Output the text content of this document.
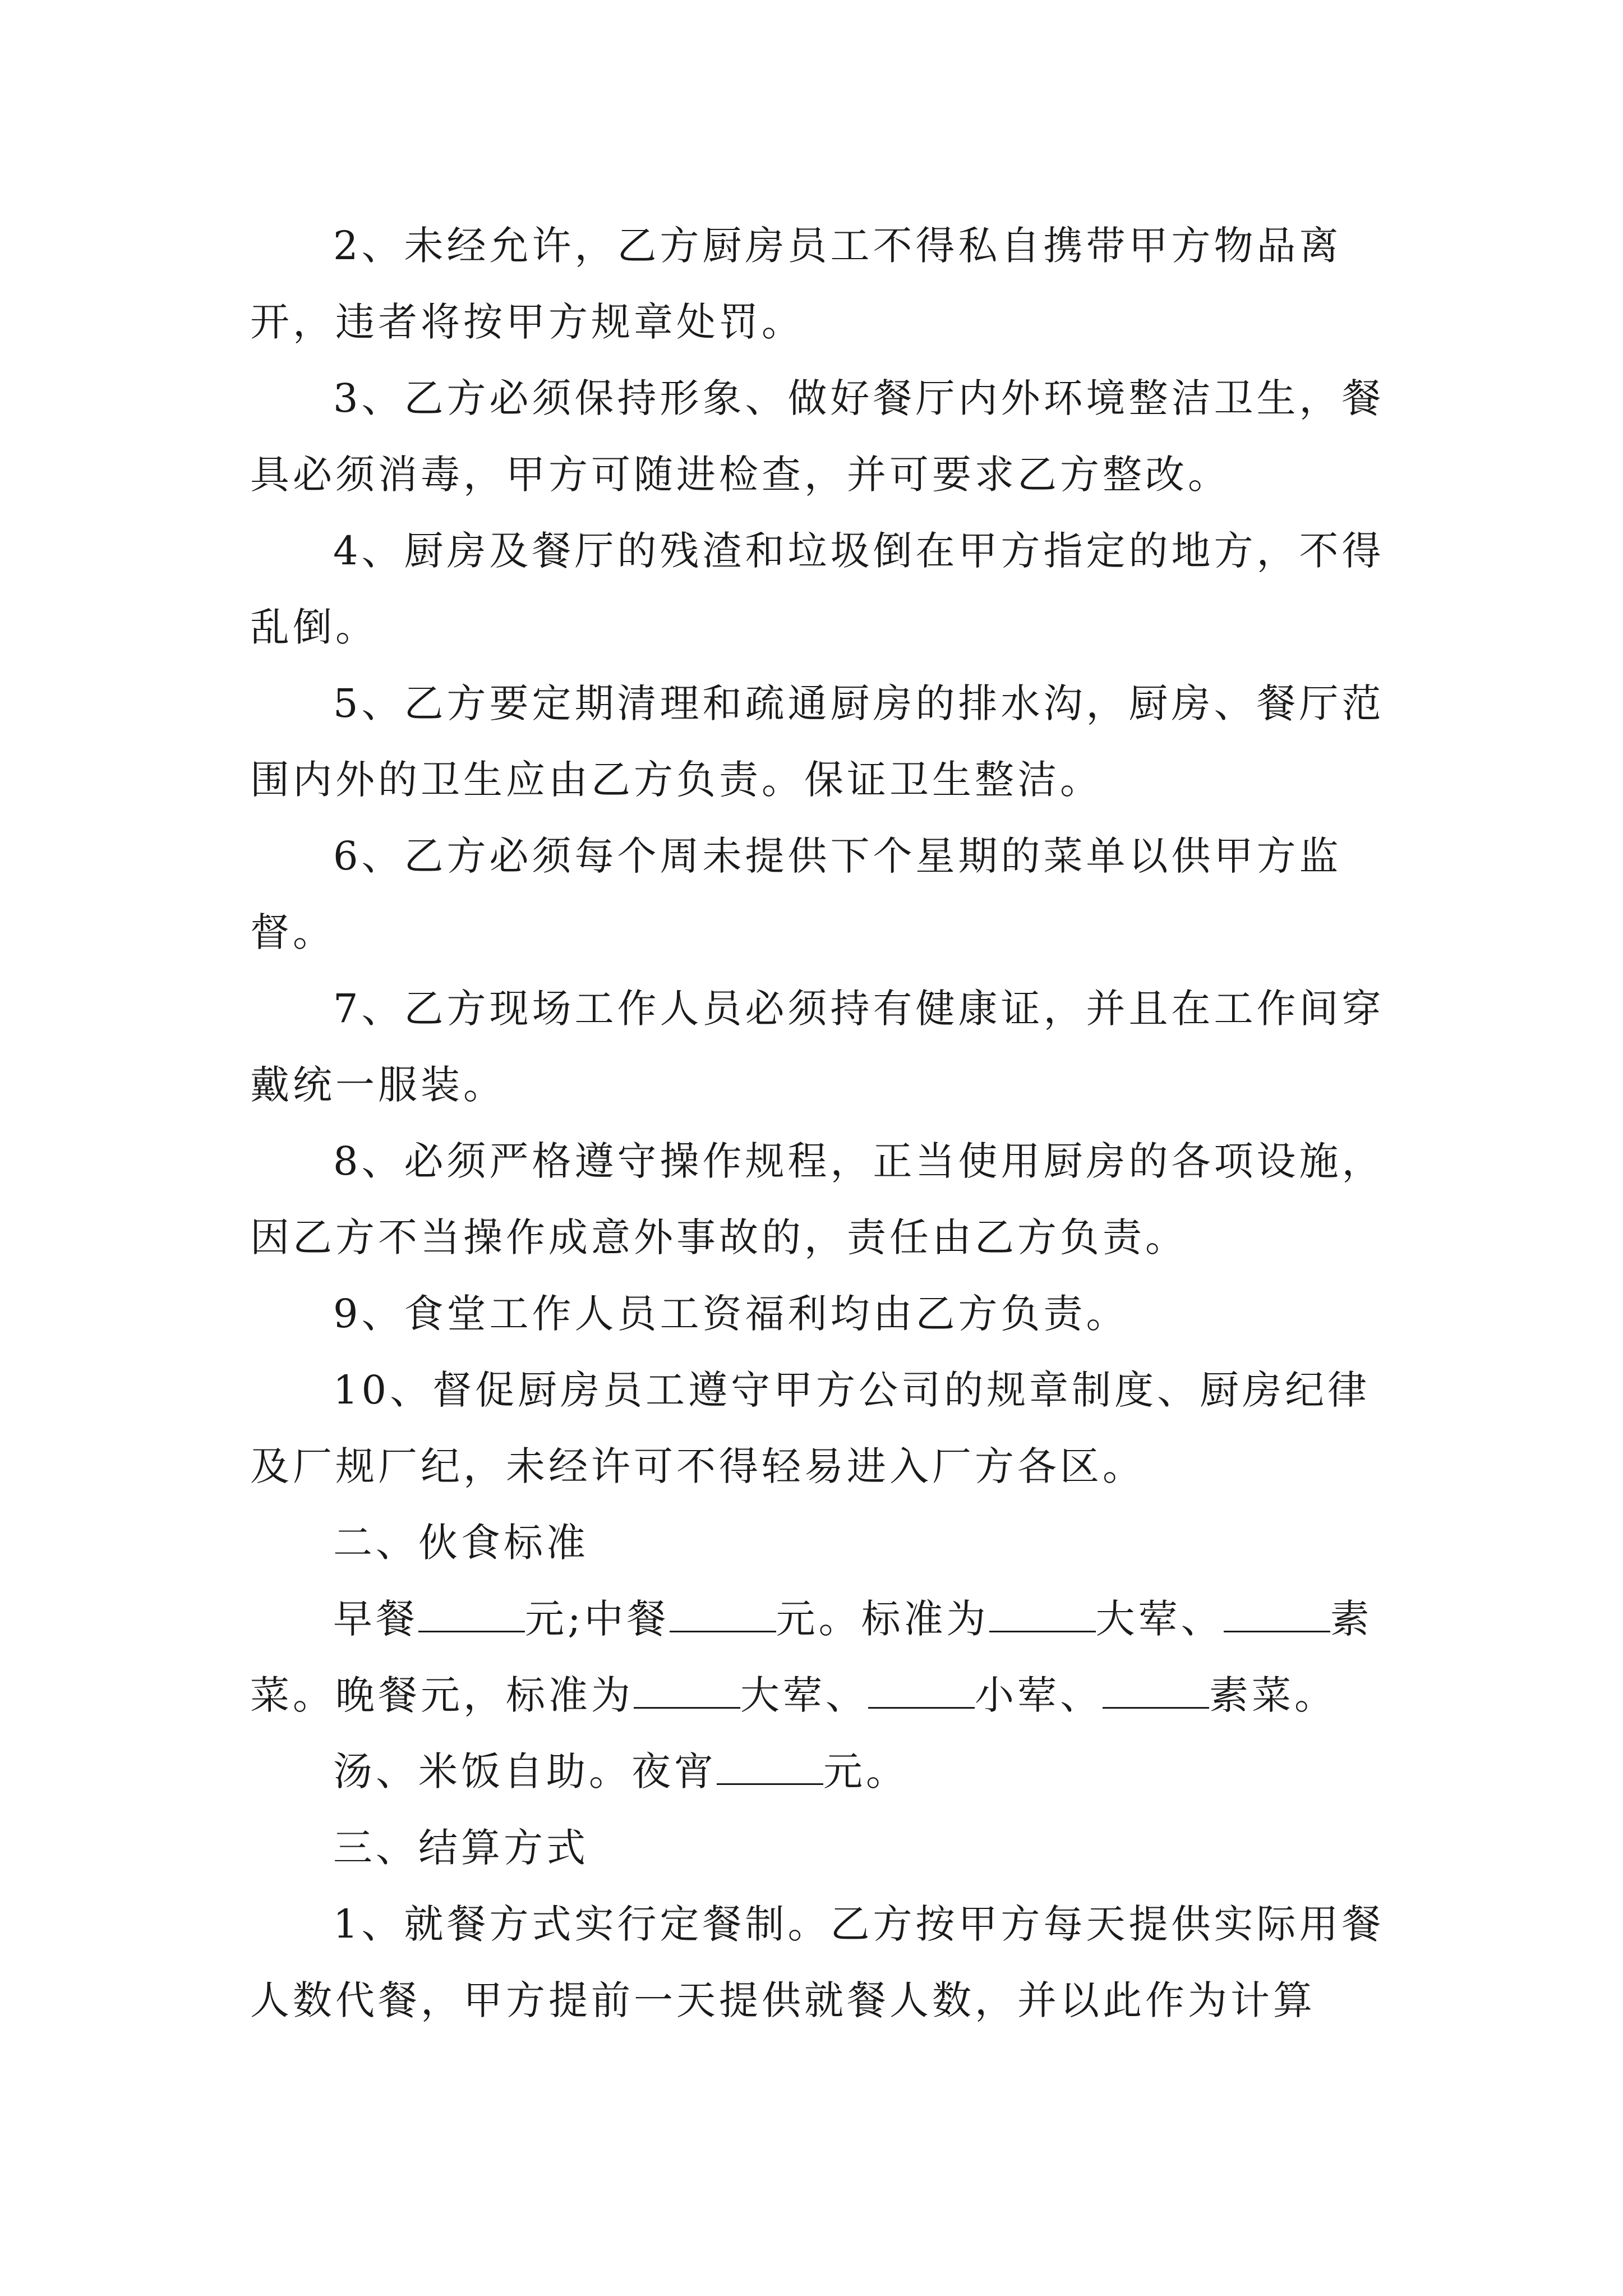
2、未经允许，乙方厨房员工不得私自携带甲方物品离开，违者将按甲方规章处罚。

3、乙方必须保持形象、做好餐厅内外环境整洁卫生，餐具必须消毒，甲方可随进检查，并可要求乙方整改。

4、厨房及餐厅的残渣和垃圾倒在甲方指定的地方，不得乱倒。

5、乙方要定期清理和疏通厨房的排水沟，厨房、餐厅范围内外的卫生应由乙方负责。保证卫生整洁。

6、乙方必须每个周未提供下个星期的菜单以供甲方监督。

7、乙方现场工作人员必须持有健康证，并且在工作间穿戴统一服装。

8、必须严格遵守操作规程，正当使用厨房的各项设施，因乙方不当操作成意外事故的，责任由乙方负责。

9、食堂工作人员工资福利均由乙方负责。

10、督促厨房员工遵守甲方公司的规章制度、厨房纪律及厂规厂纪，未经许可不得轻易进入厂方各区。

二、伙食标准

早餐	元;中餐	元。标准为	大荤、	素菜。晚餐元，标准为	大荤、	小荤、	素菜。

汤、米饭自助。夜宵	元。

三、结算方式

1、就餐方式实行定餐制。乙方按甲方每天提供实际用餐人数代餐，甲方提前一天提供就餐人数，并以此作为计算
